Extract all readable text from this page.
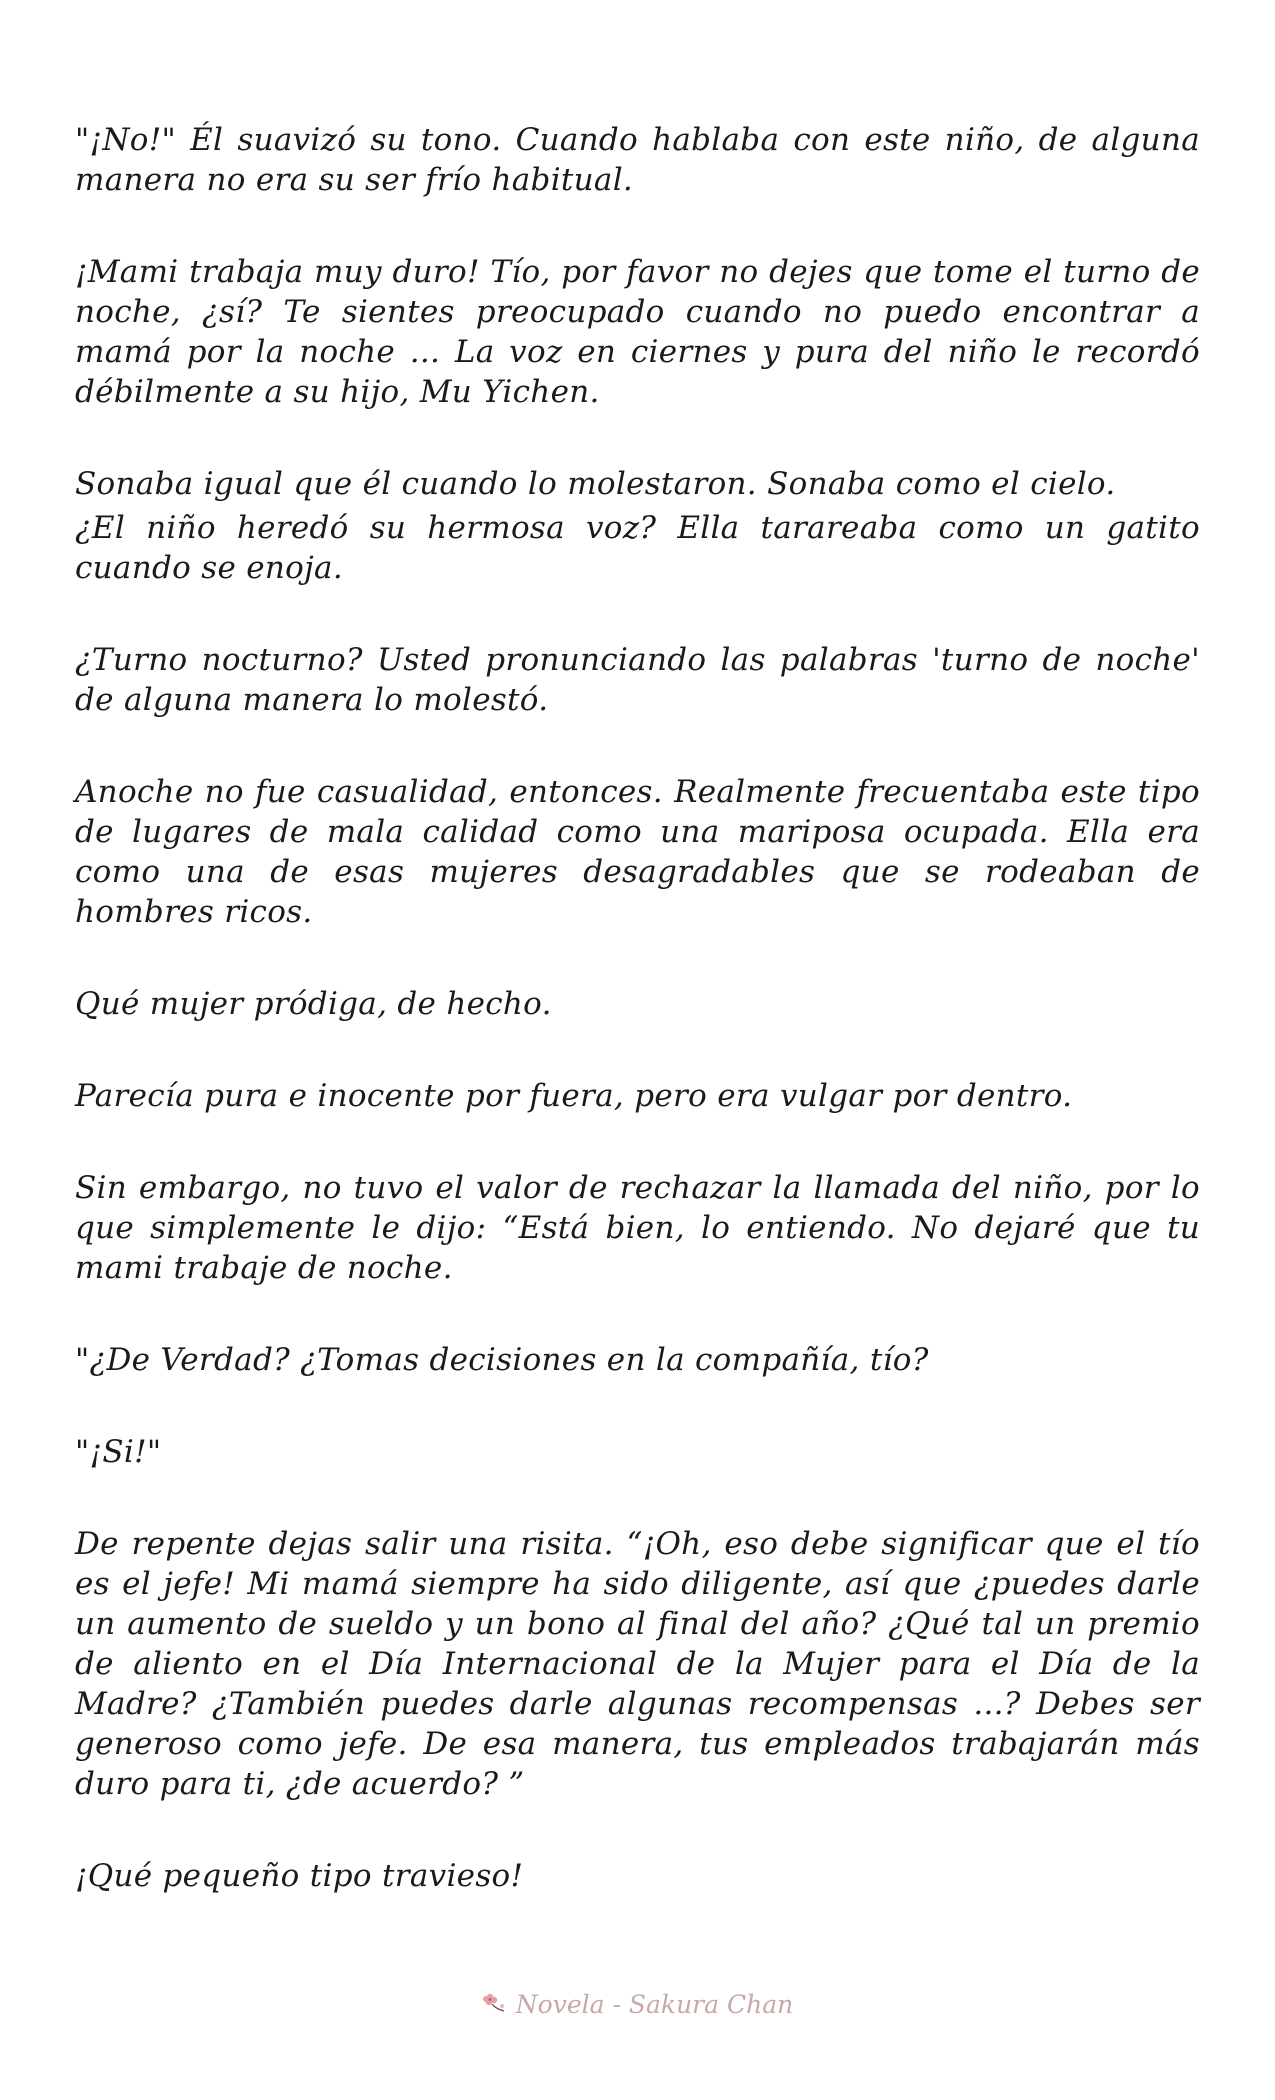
"¡No!" Él suavizó su tono. Cuando hablaba con este niño, de alguna manera no era su ser frío habitual.

¡Mami trabaja muy duro! Tío, por favor no dejes que tome el turno de noche, ¿sí? Te sientes preocupado cuando no puedo encontrar a mamá por la noche ... La voz en ciernes y pura del niño le recordó débilmente a su hijo, Mu Yichen.

Sonaba igual que él cuando lo molestaron. Sonaba como el cielo.

¿El niño heredó su hermosa voz? Ella tarareaba como un gatito cuando se enoja.

¿Turno nocturno? Usted pronunciando las palabras 'turno de noche' de alguna manera lo molestó.

Anoche no fue casualidad, entonces. Realmente frecuentaba este tipo de lugares de mala calidad como una mariposa ocupada. Ella era como una de esas mujeres desagradables que se rodeaban de hombres ricos.

Qué mujer pródiga, de hecho.

Parecía pura e inocente por fuera, pero era vulgar por dentro.

Sin embargo, no tuvo el valor de rechazar la llamada del niño, por lo que simplemente le dijo: “Está bien, lo entiendo. No dejaré que tu mami trabaje de noche.

"¿De Verdad? ¿Tomas decisiones en la compañía, tío?

"¡Si!"

De repente dejas salir una risita. “¡Oh, eso debe significar que el tío es el jefe! Mi mamá siempre ha sido diligente, así que ¿puedes darle un aumento de sueldo y un bono al final del año? ¿Qué tal un premio de aliento en el Día Internacional de la Mujer para el Día de la Madre? ¿También puedes darle algunas recompensas ...? Debes ser generoso como jefe. De esa manera, tus empleados trabajarán más duro para ti, ¿de acuerdo? ”

¡Qué pequeño tipo travieso!

Novela - Sakura Chan
